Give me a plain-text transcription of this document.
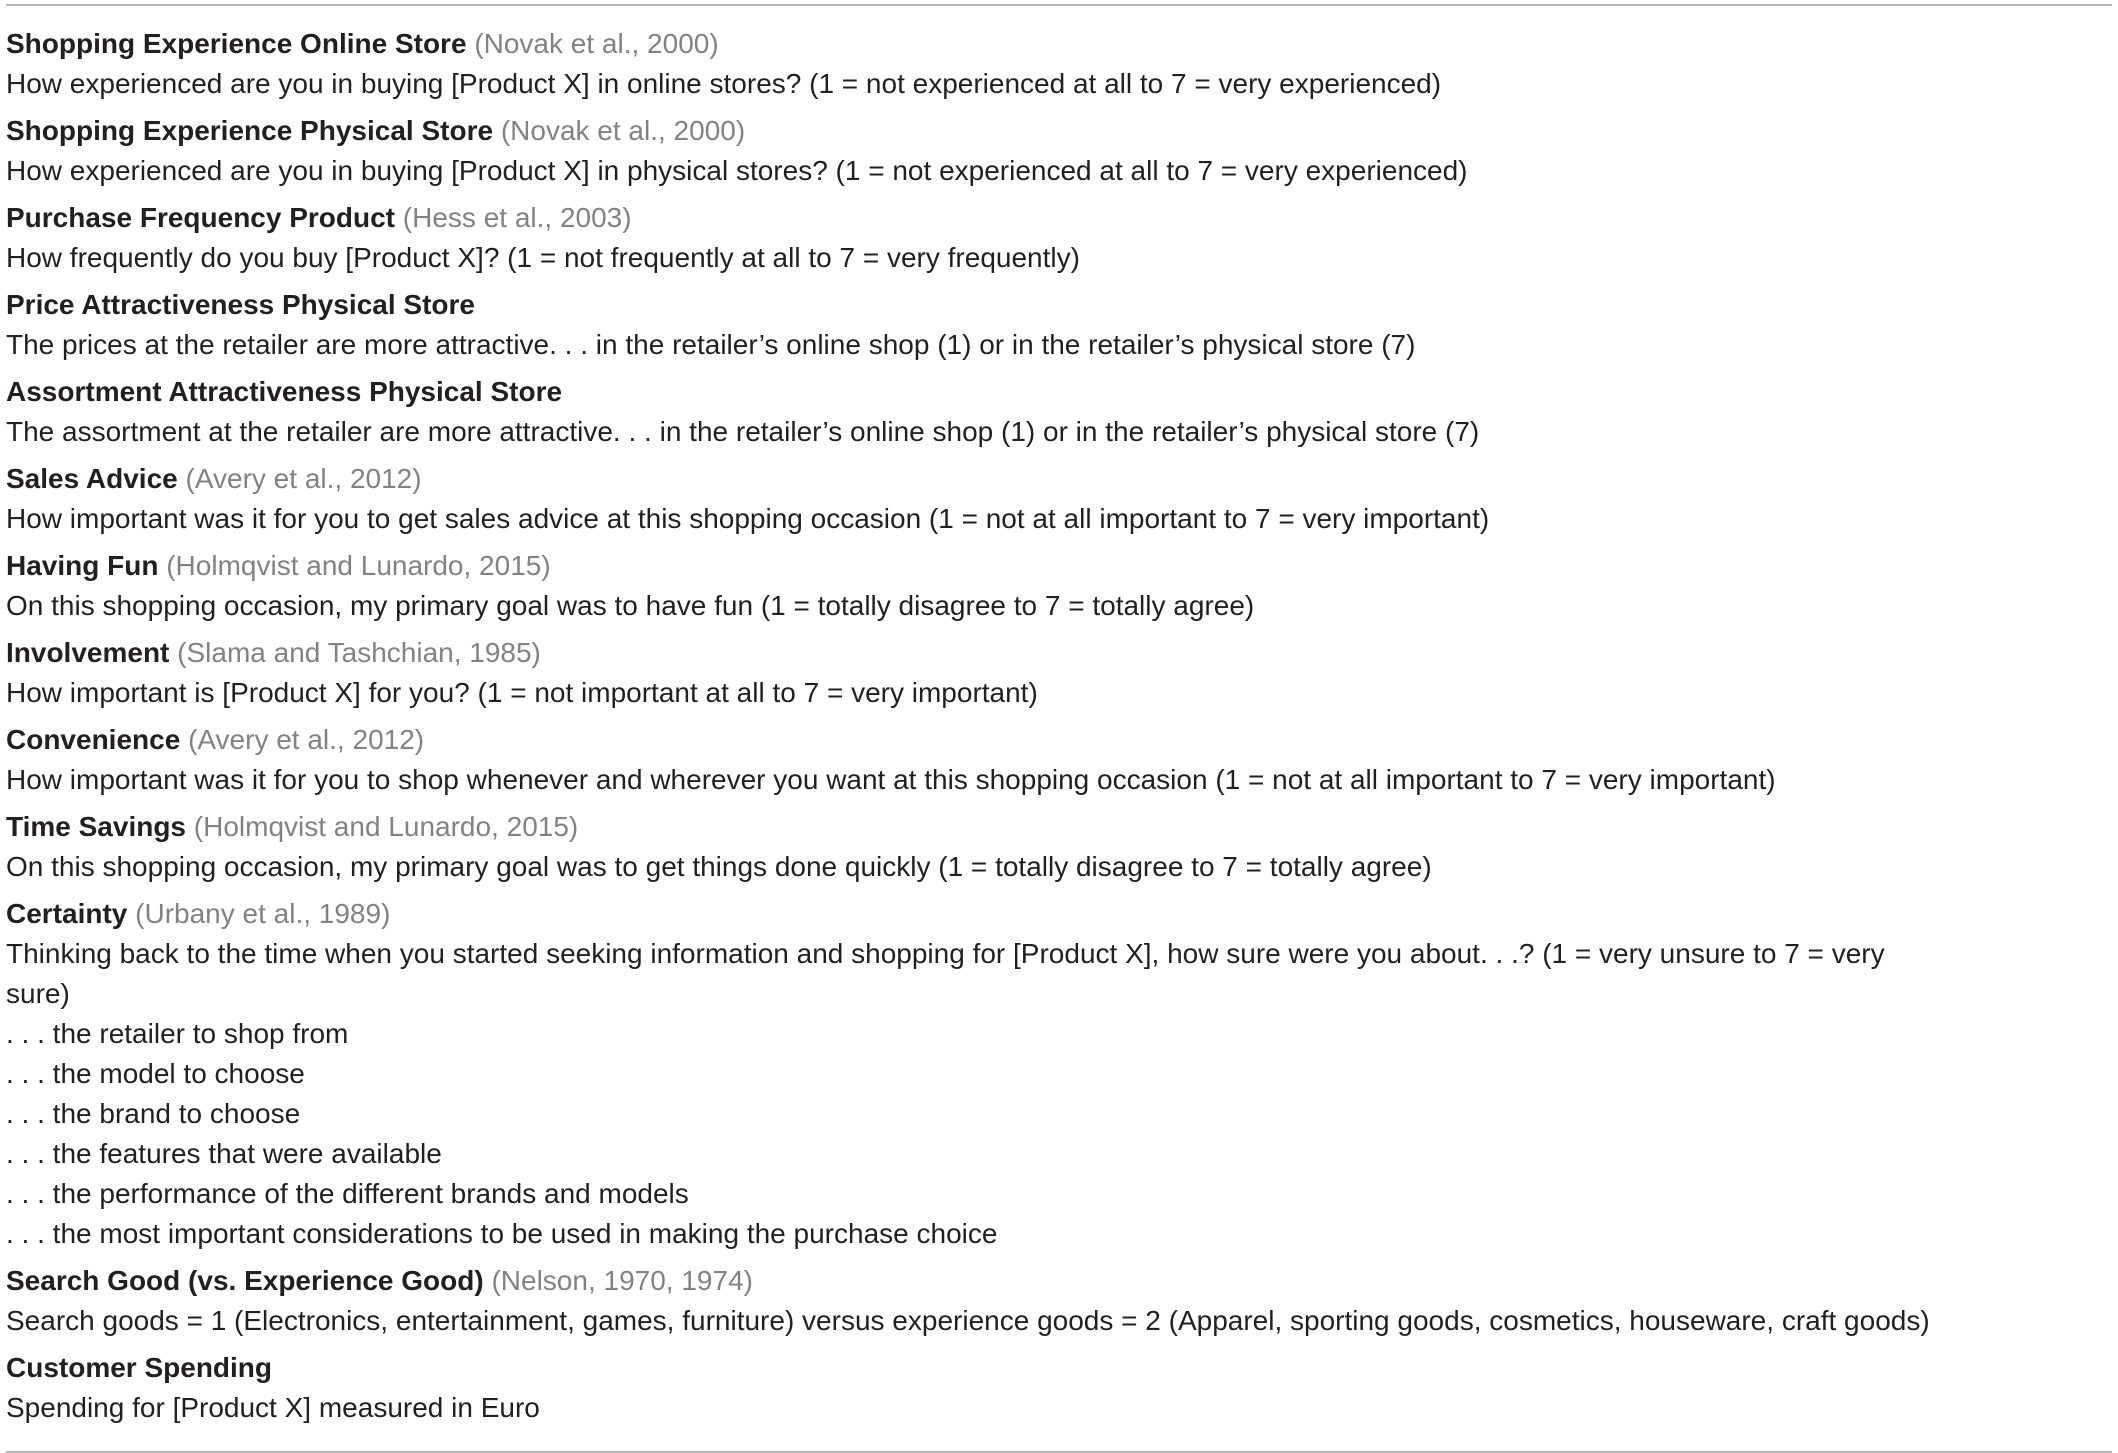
Shopping Experience Online Store (Novak et al., 2000)
How experienced are you in buying [Product X] in online stores? (1 = not experienced at all to 7 = very experienced)
Shopping Experience Physical Store (Novak et al., 2000)
How experienced are you in buying [Product X] in physical stores? (1 = not experienced at all to 7 = very experienced)
Purchase Frequency Product (Hess et al., 2003)
How frequently do you buy [Product X]? (1 = not frequently at all to 7 = very frequently)
Price Attractiveness Physical Store
The prices at the retailer are more attractive. . . in the retailer’s online shop (1) or in the retailer’s physical store (7)
Assortment Attractiveness Physical Store
The assortment at the retailer are more attractive. . . in the retailer’s online shop (1) or in the retailer’s physical store (7)
Sales Advice (Avery et al., 2012)
How important was it for you to get sales advice at this shopping occasion (1 = not at all important to 7 = very important)
Having Fun (Holmqvist and Lunardo, 2015)
On this shopping occasion, my primary goal was to have fun (1 = totally disagree to 7 = totally agree)
Involvement (Slama and Tashchian, 1985)
How important is [Product X] for you? (1 = not important at all to 7 = very important)
Convenience (Avery et al., 2012)
How important was it for you to shop whenever and wherever you want at this shopping occasion (1 = not at all important to 7 = very important)
Time Savings (Holmqvist and Lunardo, 2015)
On this shopping occasion, my primary goal was to get things done quickly (1 = totally disagree to 7 = totally agree)
Certainty (Urbany et al., 1989)
Thinking back to the time when you started seeking information and shopping for [Product X], how sure were you about. . .? (1 = very unsure to 7 = very sure)
. . . the retailer to shop from
. . . the model to choose
. . . the brand to choose
. . . the features that were available
. . . the performance of the different brands and models
. . . the most important considerations to be used in making the purchase choice
Search Good (vs. Experience Good) (Nelson, 1970, 1974)
Search goods = 1 (Electronics, entertainment, games, furniture) versus experience goods = 2 (Apparel, sporting goods, cosmetics, houseware, craft goods)
Customer Spending
Spending for [Product X] measured in Euro
